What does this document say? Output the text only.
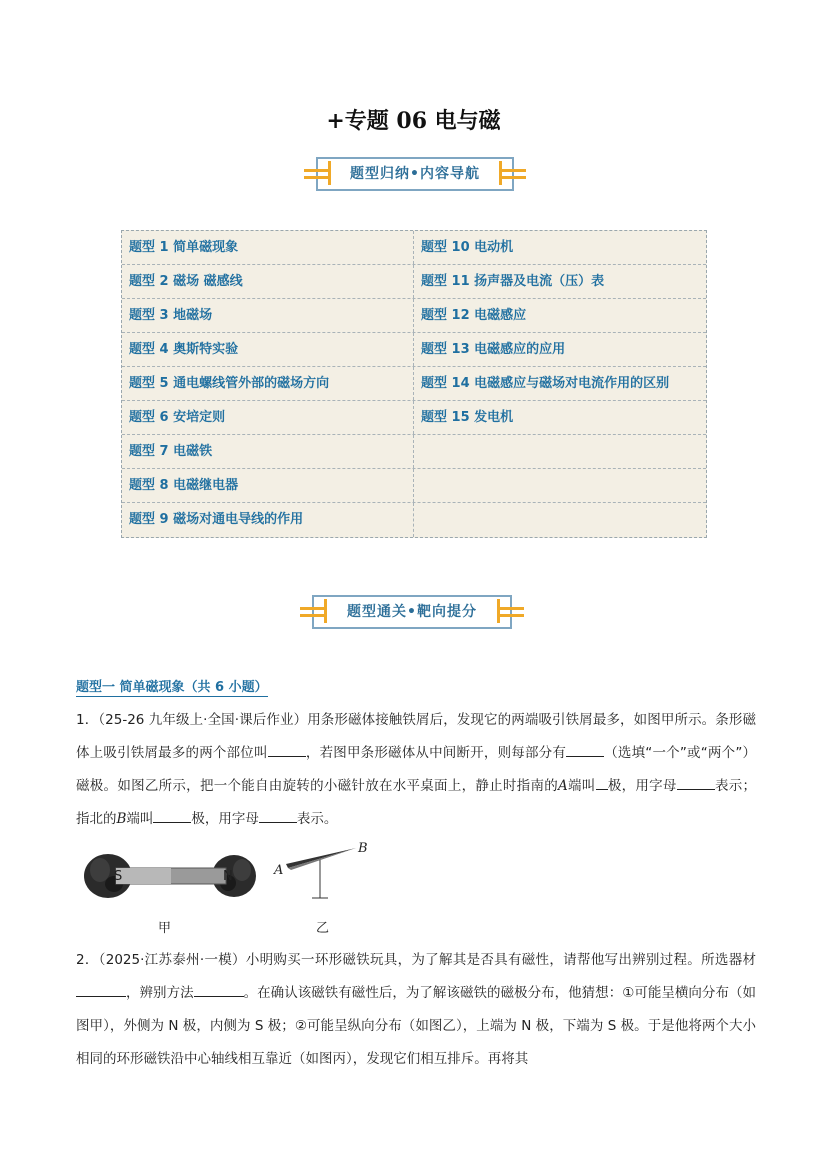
+专题 06 电与磁
题型归纳•内容导航
题型 1 简单磁现象	题型 10 电动机
题型 2 磁场 磁感线	题型 11 扬声器及电流（压）表
题型 3 地磁场	题型 12 电磁感应
题型 4 奥斯特实验	题型 13 电磁感应的应用
题型 5 通电螺线管外部的磁场方向	题型 14 电磁感应与磁场对电流作用的区别
题型 6 安培定则	题型 15 发电机
题型 7 电磁铁
题型 8 电磁继电器
题型 9 磁场对通电导线的作用
题型通关•靶向提分
题型一 简单磁现象（共 6 小题）
1．（25-26 九年级上·全国·课后作业）用条形磁体接触铁屑后，发现它的两端吸引铁屑最多，如图甲所示。条形磁体上吸引铁屑最多的两个部位叫	，若图甲条形磁体从中间断开，则每部分有	（选填“一个”或“两个”）磁极。如图乙所示，把一个能自由旋转的小磁针放在水平桌面上，静止时指南的A端叫 极，用字母	表示；指北的B端叫	极，用字母	表示。
S	N
甲
A
B
乙
2．（2025·江苏泰州·一模）小明购买一环形磁铁玩具，为了解其是否具有磁性，请帮他写出辨别过程。所选器材，辨别方法	。在确认该磁铁有磁性后，为了解该磁铁的磁极分布，他猜想：①可能呈横向分布（如图甲），外侧为 N 极，内侧为 S 极；②可能呈纵向分布（如图乙），上端为 N 极，下端为 S 极。于是他将两个大小相同的环形磁铁沿中心轴线相互靠近（如图丙），发现它们相互排斥。再将其
